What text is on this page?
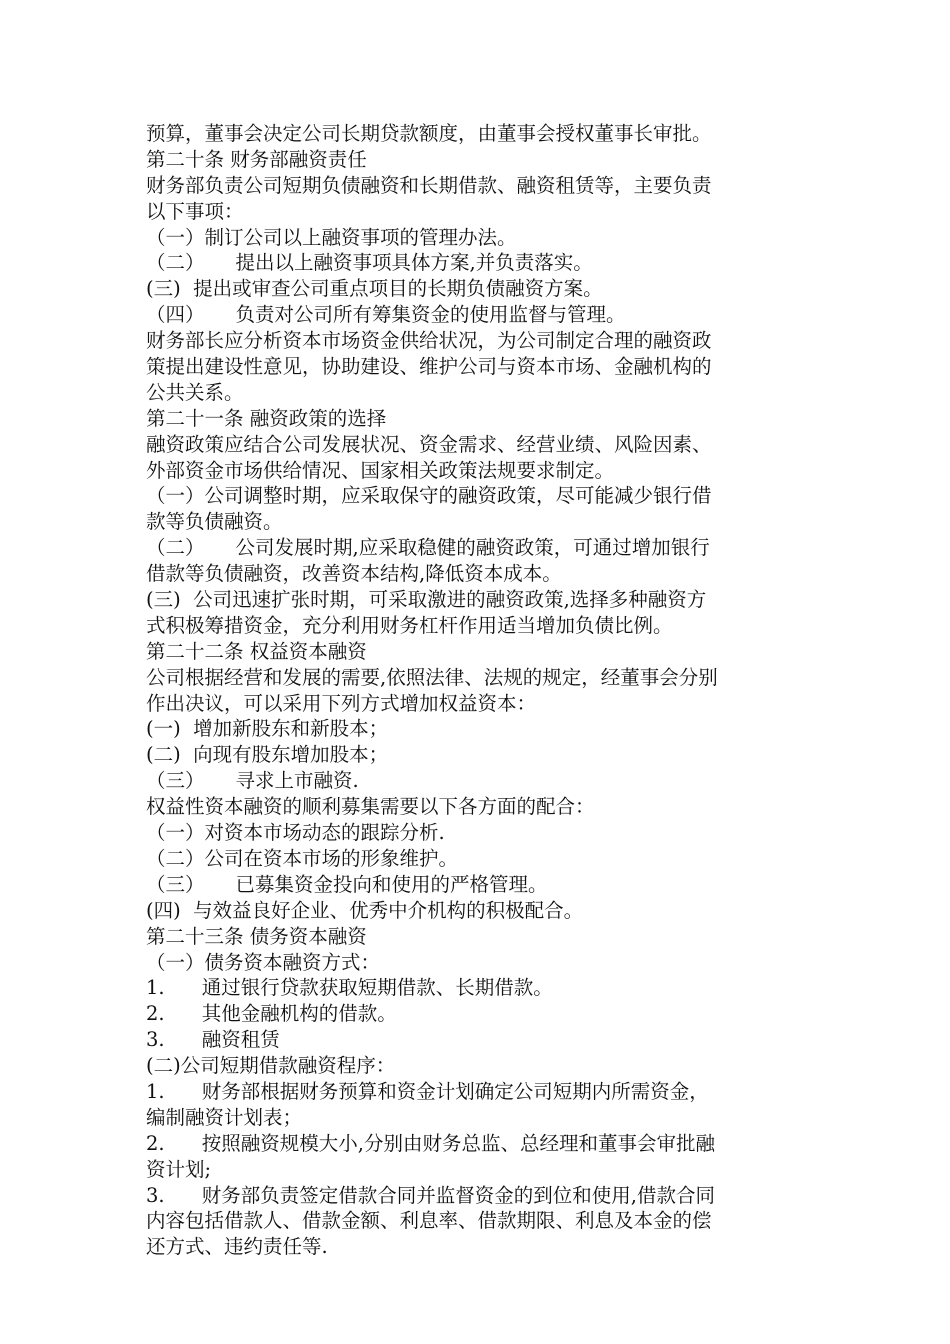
预算，董事会决定公司长期贷款额度，由董事会授权董事长审批。
第二十条 财务部融资责任
财务部负责公司短期负债融资和长期借款、融资租赁等，主要负责
以下事项：
（一）制订公司以上融资事项的管理办法。
（二）     提出以上融资事项具体方案,并负责落实。
(三)  提出或审查公司重点项目的长期负债融资方案。
（四）     负责对公司所有筹集资金的使用监督与管理。
财务部长应分析资本市场资金供给状况，为公司制定合理的融资政
策提出建设性意见，协助建设、维护公司与资本市场、金融机构的
公共关系。
第二十一条 融资政策的选择
融资政策应结合公司发展状况、资金需求、经营业绩、风险因素、
外部资金市场供给情况、国家相关政策法规要求制定。
（一）公司调整时期，应采取保守的融资政策，尽可能减少银行借
款等负债融资。
（二）     公司发展时期,应采取稳健的融资政策，可通过增加银行
借款等负债融资，改善资本结构,降低资本成本。
(三)  公司迅速扩张时期，可采取激进的融资政策,选择多种融资方
式积极筹措资金，充分利用财务杠杆作用适当增加负债比例。
第二十二条 权益资本融资
公司根据经营和发展的需要,依照法律、法规的规定，经董事会分别
作出决议，可以采用下列方式增加权益资本：
(一)  增加新股东和新股本；
(二)  向现有股东增加股本；
（三）     寻求上市融资.
权益性资本融资的顺利募集需要以下各方面的配合：
（一）对资本市场动态的跟踪分析.
（二）公司在资本市场的形象维护。
（三）     已募集资金投向和使用的严格管理。
(四)  与效益良好企业、优秀中介机构的积极配合。
第二十三条 债务资本融资
（一）债务资本融资方式：
1.      通过银行贷款获取短期借款、长期借款。
2.      其他金融机构的借款。
3.      融资租赁
(二)公司短期借款融资程序：
1.      财务部根据财务预算和资金计划确定公司短期内所需资金，
编制融资计划表；
2.      按照融资规模大小,分别由财务总监、总经理和董事会审批融
资计划;
3.      财务部负责签定借款合同并监督资金的到位和使用,借款合同
内容包括借款人、借款金额、利息率、借款期限、利息及本金的偿
还方式、违约责任等.
